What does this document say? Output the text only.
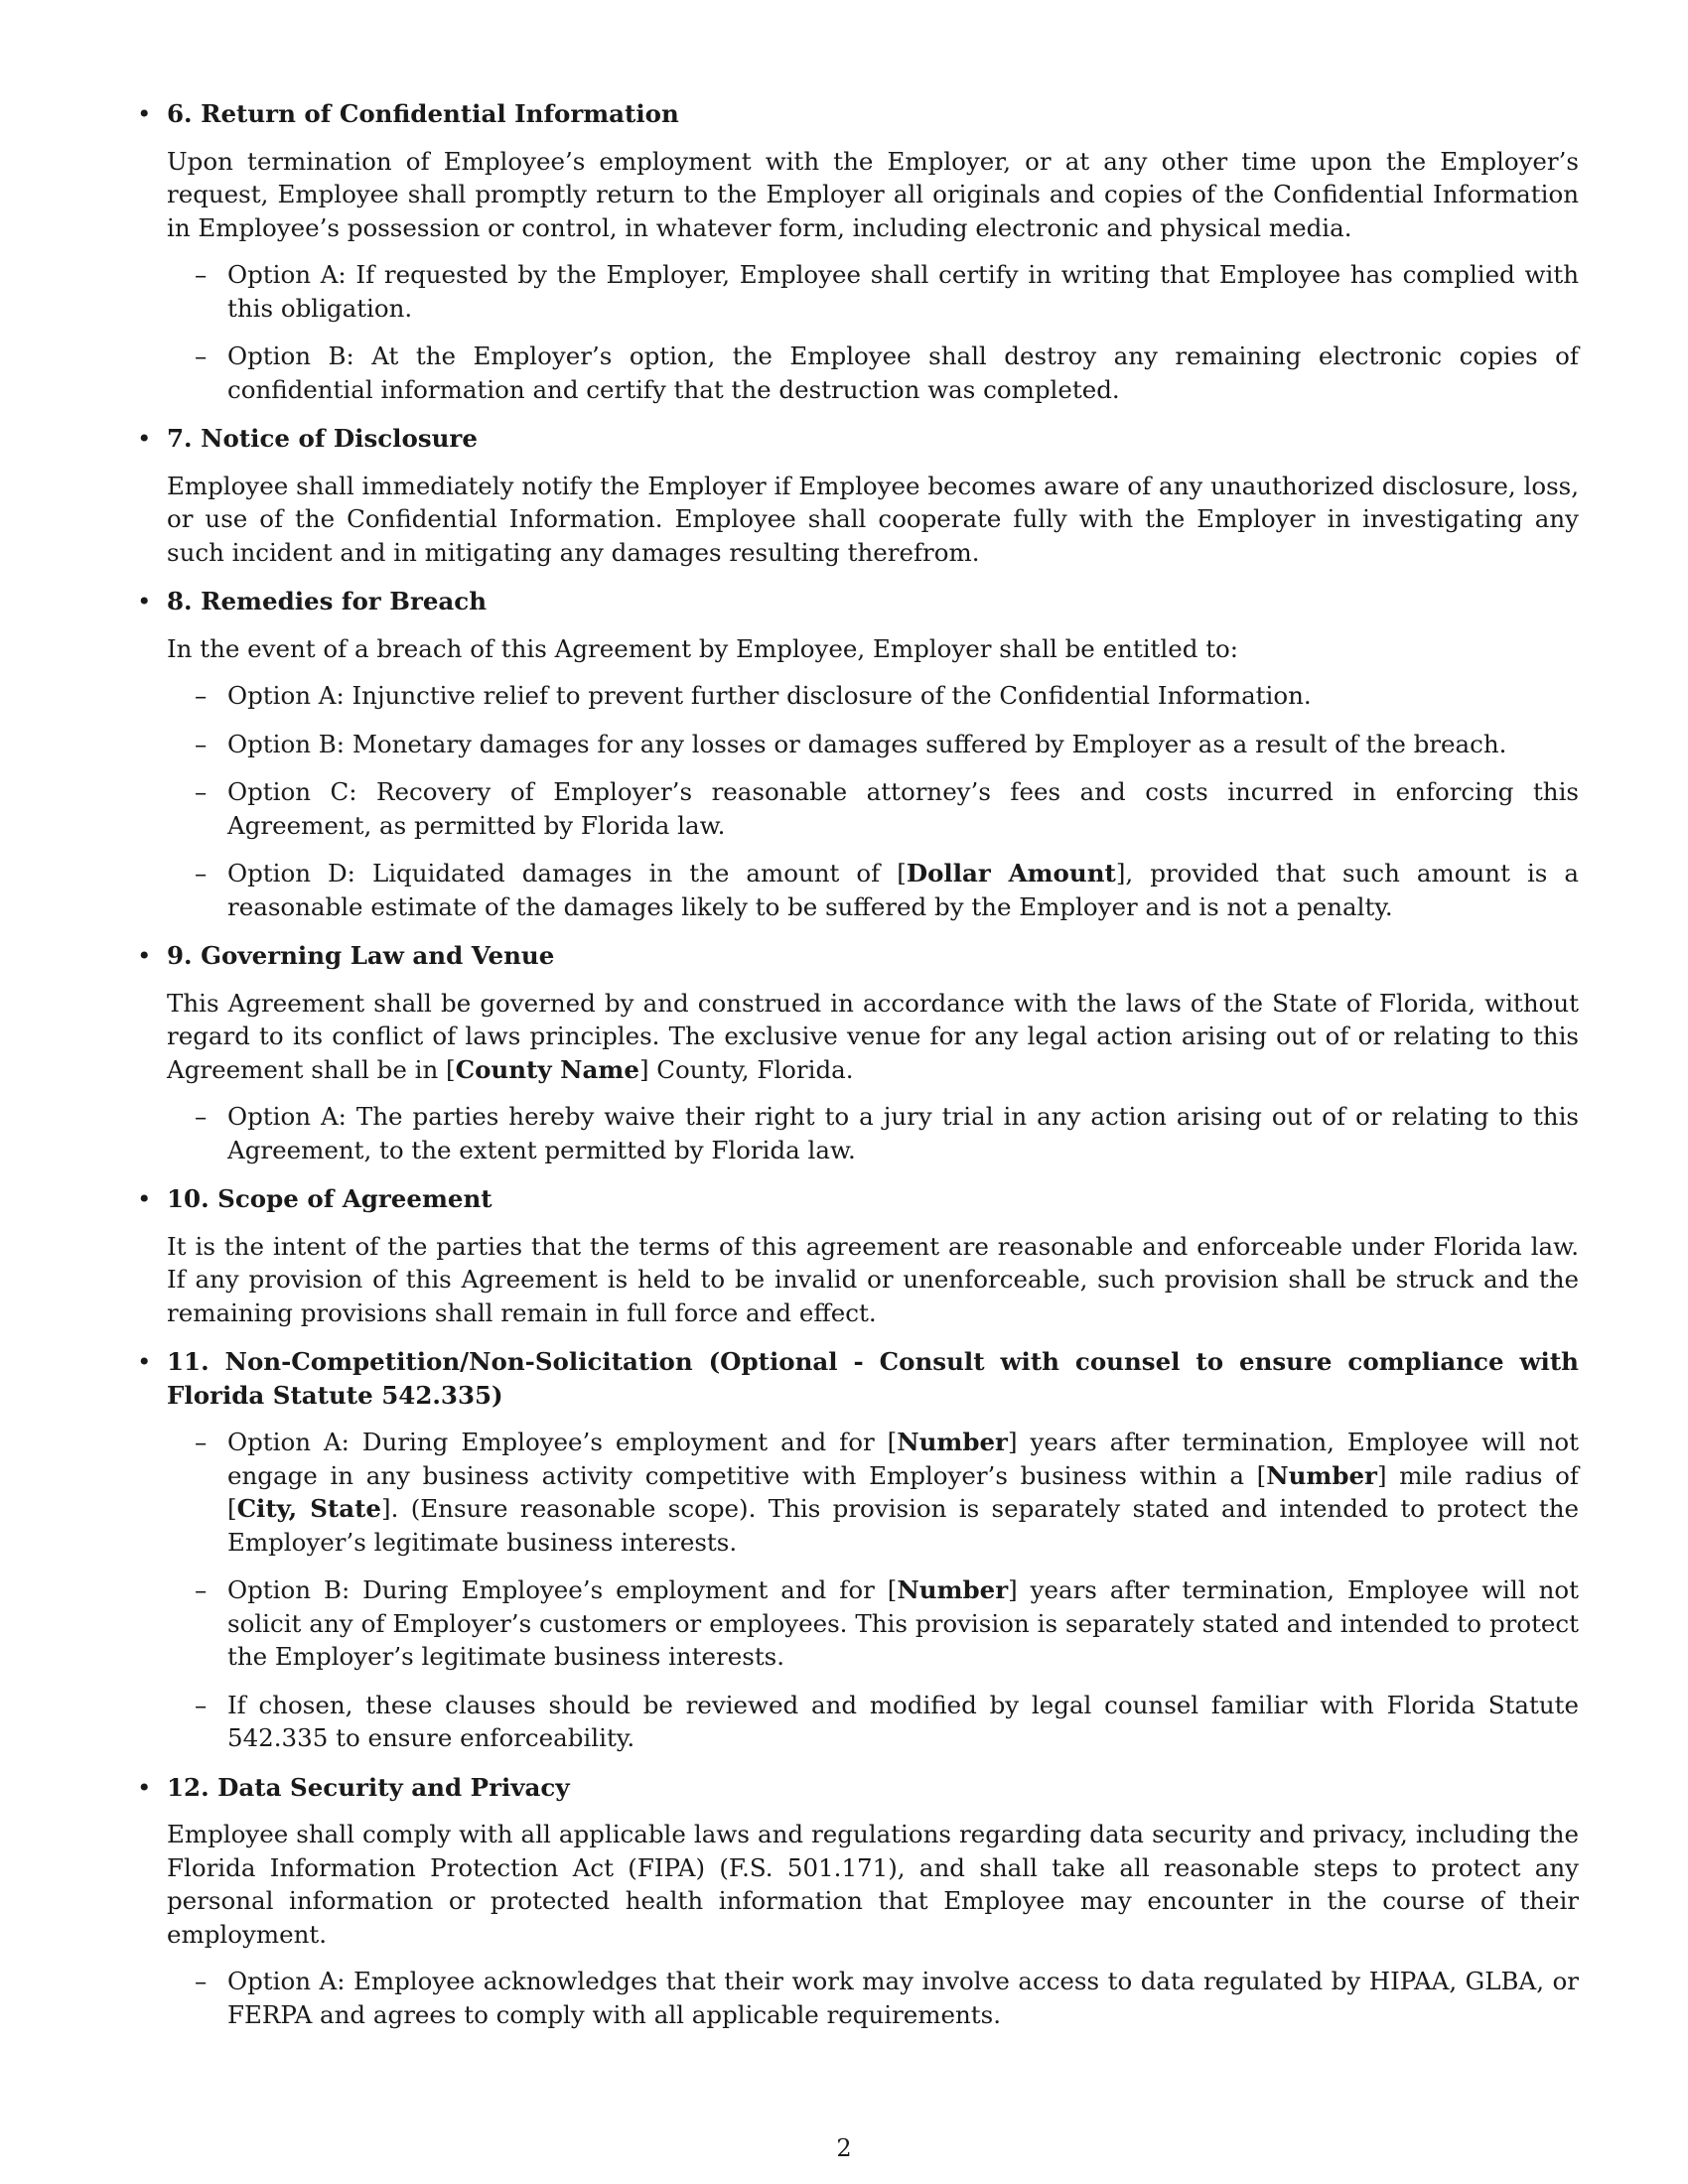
• 6. Return of Confidential Information
Upon termination of Employee’s employment with the Employer, or at any other time upon the Employer’s request, Employee shall promptly return to the Employer all originals and copies of the Confidential Information in Employee’s possession or control, in whatever form, including electronic and physical media.
– Option A: If requested by the Employer, Employee shall certify in writing that Employee has complied with this obligation.
– Option B: At the Employer’s option, the Employee shall destroy any remaining electronic copies of confidential information and certify that the destruction was completed.
• 7. Notice of Disclosure
Employee shall immediately notify the Employer if Employee becomes aware of any unauthorized disclosure, loss, or use of the Confidential Information. Employee shall cooperate fully with the Employer in investigating any such incident and in mitigating any damages resulting therefrom.
• 8. Remedies for Breach
In the event of a breach of this Agreement by Employee, Employer shall be entitled to:
– Option A: Injunctive relief to prevent further disclosure of the Confidential Information.
– Option B: Monetary damages for any losses or damages suffered by Employer as a result of the breach.
– Option C: Recovery of Employer’s reasonable attorney’s fees and costs incurred in enforcing this Agreement, as permitted by Florida law.
– Option D: Liquidated damages in the amount of [Dollar Amount], provided that such amount is a reasonable estimate of the damages likely to be suffered by the Employer and is not a penalty.
• 9. Governing Law and Venue
This Agreement shall be governed by and construed in accordance with the laws of the State of Florida, without regard to its conflict of laws principles. The exclusive venue for any legal action arising out of or relating to this Agreement shall be in [County Name] County, Florida.
– Option A: The parties hereby waive their right to a jury trial in any action arising out of or relating to this Agreement, to the extent permitted by Florida law.
• 10. Scope of Agreement
It is the intent of the parties that the terms of this agreement are reasonable and enforceable under Florida law. If any provision of this Agreement is held to be invalid or unenforceable, such provision shall be struck and the remaining provisions shall remain in full force and effect.
• 11. Non-Competition/Non-Solicitation (Optional - Consult with counsel to ensure compliance with Florida Statute 542.335)
– Option A: During Employee’s employment and for [Number] years after termination, Employee will not engage in any business activity competitive with Employer’s business within a [Number] mile radius of [City, State]. (Ensure reasonable scope). This provision is separately stated and intended to protect the Employer’s legitimate business interests.
– Option B: During Employee’s employment and for [Number] years after termination, Employee will not solicit any of Employer’s customers or employees. This provision is separately stated and intended to protect the Employer’s legitimate business interests.
– If chosen, these clauses should be reviewed and modified by legal counsel familiar with Florida Statute 542.335 to ensure enforceability.
• 12. Data Security and Privacy
Employee shall comply with all applicable laws and regulations regarding data security and privacy, including the Florida Information Protection Act (FIPA) (F.S. 501.171), and shall take all reasonable steps to protect any personal information or protected health information that Employee may encounter in the course of their employment.
– Option A: Employee acknowledges that their work may involve access to data regulated by HIPAA, GLBA, or FERPA and agrees to comply with all applicable requirements.
2
